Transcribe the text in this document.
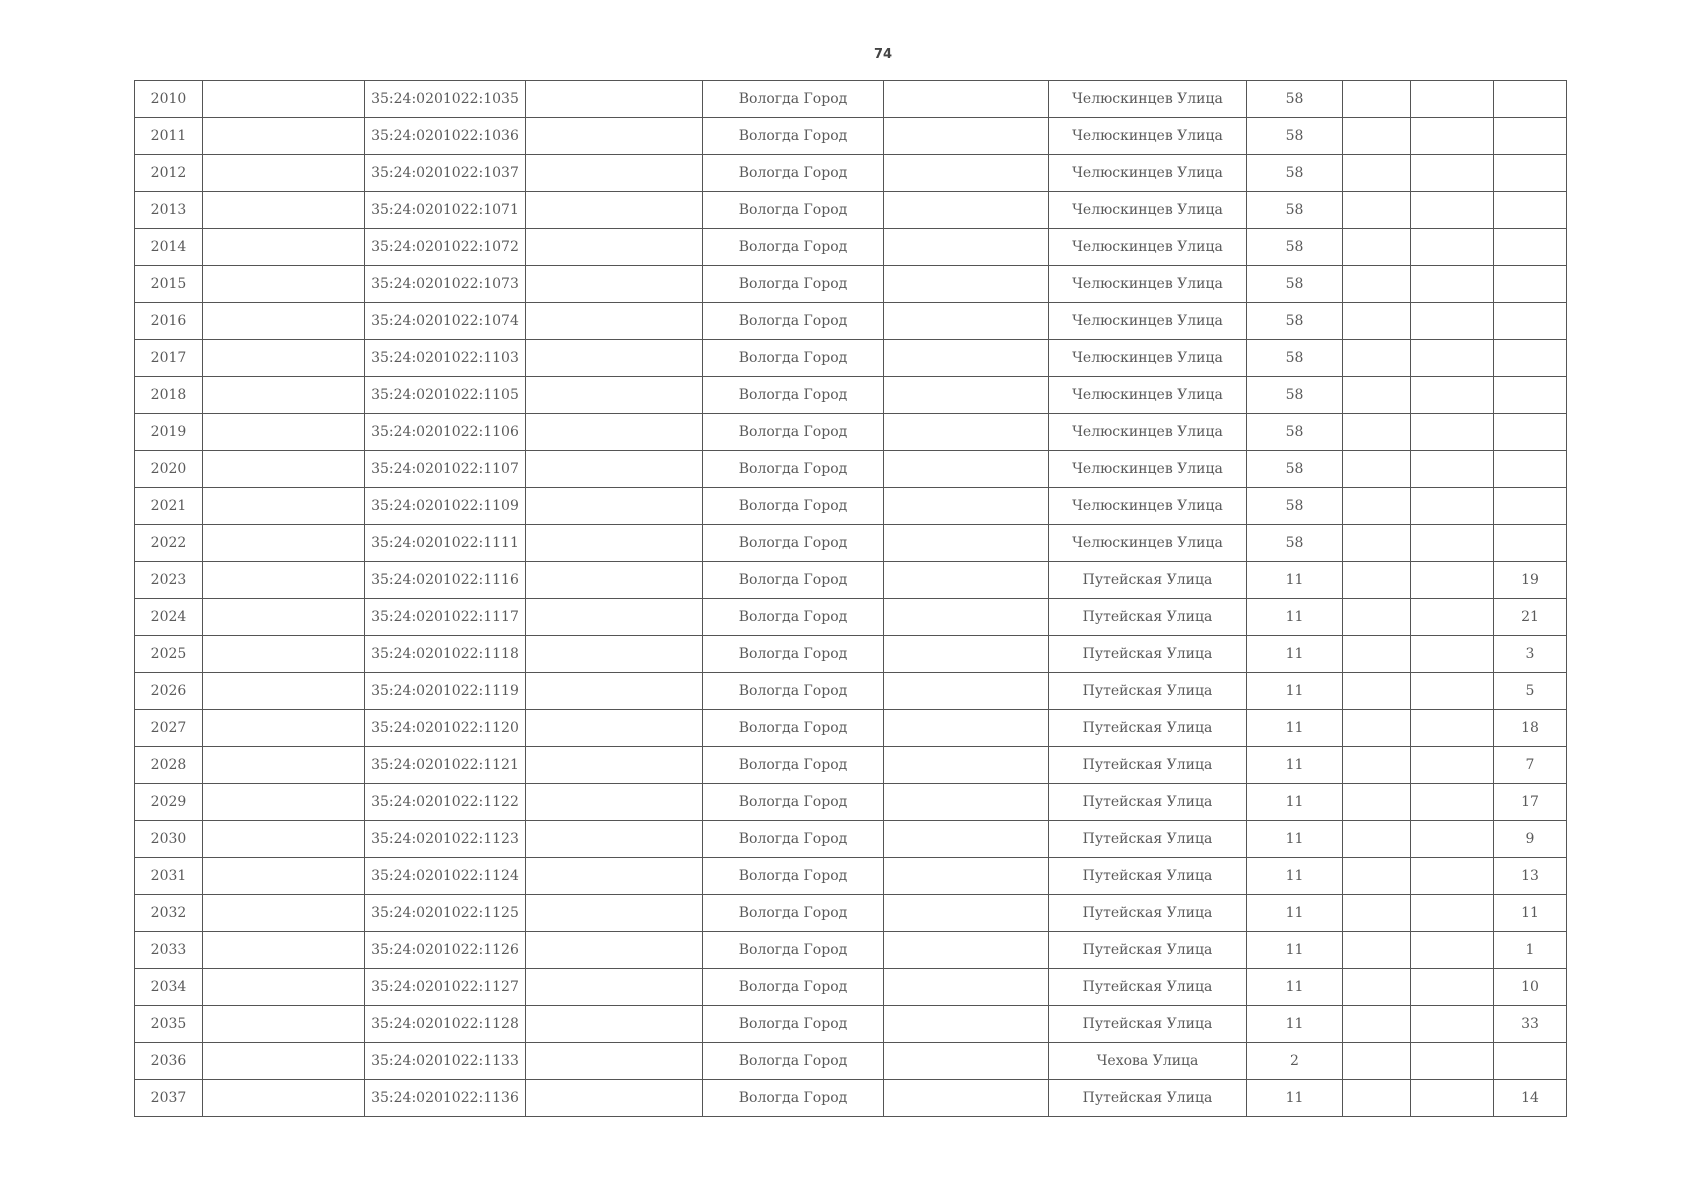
74
2010		35:24:0201022:1035		Вологда Город		Челюскинцев Улица	58			
2011		35:24:0201022:1036		Вологда Город		Челюскинцев Улица	58			
2012		35:24:0201022:1037		Вологда Город		Челюскинцев Улица	58			
2013		35:24:0201022:1071		Вологда Город		Челюскинцев Улица	58			
2014		35:24:0201022:1072		Вологда Город		Челюскинцев Улица	58			
2015		35:24:0201022:1073		Вологда Город		Челюскинцев Улица	58			
2016		35:24:0201022:1074		Вологда Город		Челюскинцев Улица	58			
2017		35:24:0201022:1103		Вологда Город		Челюскинцев Улица	58			
2018		35:24:0201022:1105		Вологда Город		Челюскинцев Улица	58			
2019		35:24:0201022:1106		Вологда Город		Челюскинцев Улица	58			
2020		35:24:0201022:1107		Вологда Город		Челюскинцев Улица	58			
2021		35:24:0201022:1109		Вологда Город		Челюскинцев Улица	58			
2022		35:24:0201022:1111		Вологда Город		Челюскинцев Улица	58			
2023		35:24:0201022:1116		Вологда Город		Путейская Улица	11			19
2024		35:24:0201022:1117		Вологда Город		Путейская Улица	11			21
2025		35:24:0201022:1118		Вологда Город		Путейская Улица	11			3
2026		35:24:0201022:1119		Вологда Город		Путейская Улица	11			5
2027		35:24:0201022:1120		Вологда Город		Путейская Улица	11			18
2028		35:24:0201022:1121		Вологда Город		Путейская Улица	11			7
2029		35:24:0201022:1122		Вологда Город		Путейская Улица	11			17
2030		35:24:0201022:1123		Вологда Город		Путейская Улица	11			9
2031		35:24:0201022:1124		Вологда Город		Путейская Улица	11			13
2032		35:24:0201022:1125		Вологда Город		Путейская Улица	11			11
2033		35:24:0201022:1126		Вологда Город		Путейская Улица	11			1
2034		35:24:0201022:1127		Вологда Город		Путейская Улица	11			10
2035		35:24:0201022:1128		Вологда Город		Путейская Улица	11			33
2036		35:24:0201022:1133		Вологда Город		Чехова Улица	2			
2037		35:24:0201022:1136		Вологда Город		Путейская Улица	11			14
